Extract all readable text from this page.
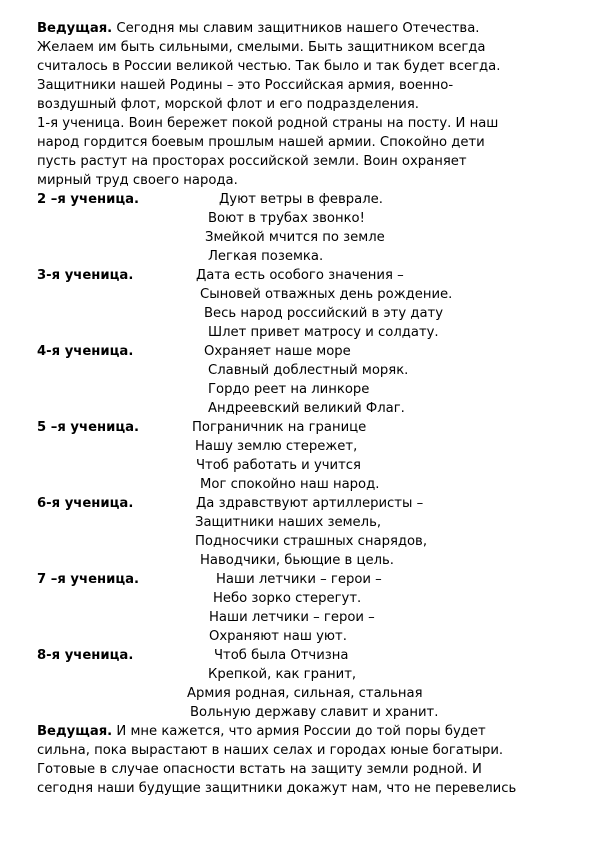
Ведущая. Сегодня мы славим защитников нашего Отечества.
Желаем им быть сильными, смелыми. Быть защитником всегда
считалось в России великой честью. Так было и так будет всегда.
Защитники нашей Родины – это Российская армия, военно-
воздушный флот, морской флот и его подразделения.
1-я ученица. Воин бережет покой родной страны на посту. И наш
народ гордится боевым прошлым нашей армии. Спокойно дети
пусть растут на просторах российской земли. Воин охраняет
мирный труд своего народа.
2 –я ученица.	Дуют ветры в феврале.
Воют в трубах звонко!
Змейкой мчится по земле
Легкая поземка.
3-я ученица.	Дата есть особого значения –
Сыновей отважных день рождение.
Весь народ российский в эту дату
Шлет привет матросу и солдату.
4-я ученица.	Охраняет наше море
Славный доблестный моряк.
Гордо реет на линкоре
Андреевский великий Флаг.
5 –я ученица.	Пограничник на границе
Нашу землю стережет,
Чтоб работать и учится
Мог спокойно наш народ.
6-я ученица.	Да здравствуют артиллеристы –
Защитники наших земель,
Подносчики страшных снарядов,
Наводчики, бьющие в цель.
7 –я ученица.	Наши летчики – герои –
Небо зорко стерегут.
Наши летчики – герои –
Охраняют наш уют.
8-я ученица.	Чтоб была Отчизна
Крепкой, как гранит,
Армия родная, сильная, стальная
Вольную державу славит и хранит.
Ведущая. И мне кажется, что армия России до той поры будет
сильна, пока вырастают в наших селах и городах юные богатыри.
Готовые в случае опасности встать на защиту земли родной. И
сегодня наши будущие защитники докажут нам, что не перевелись
